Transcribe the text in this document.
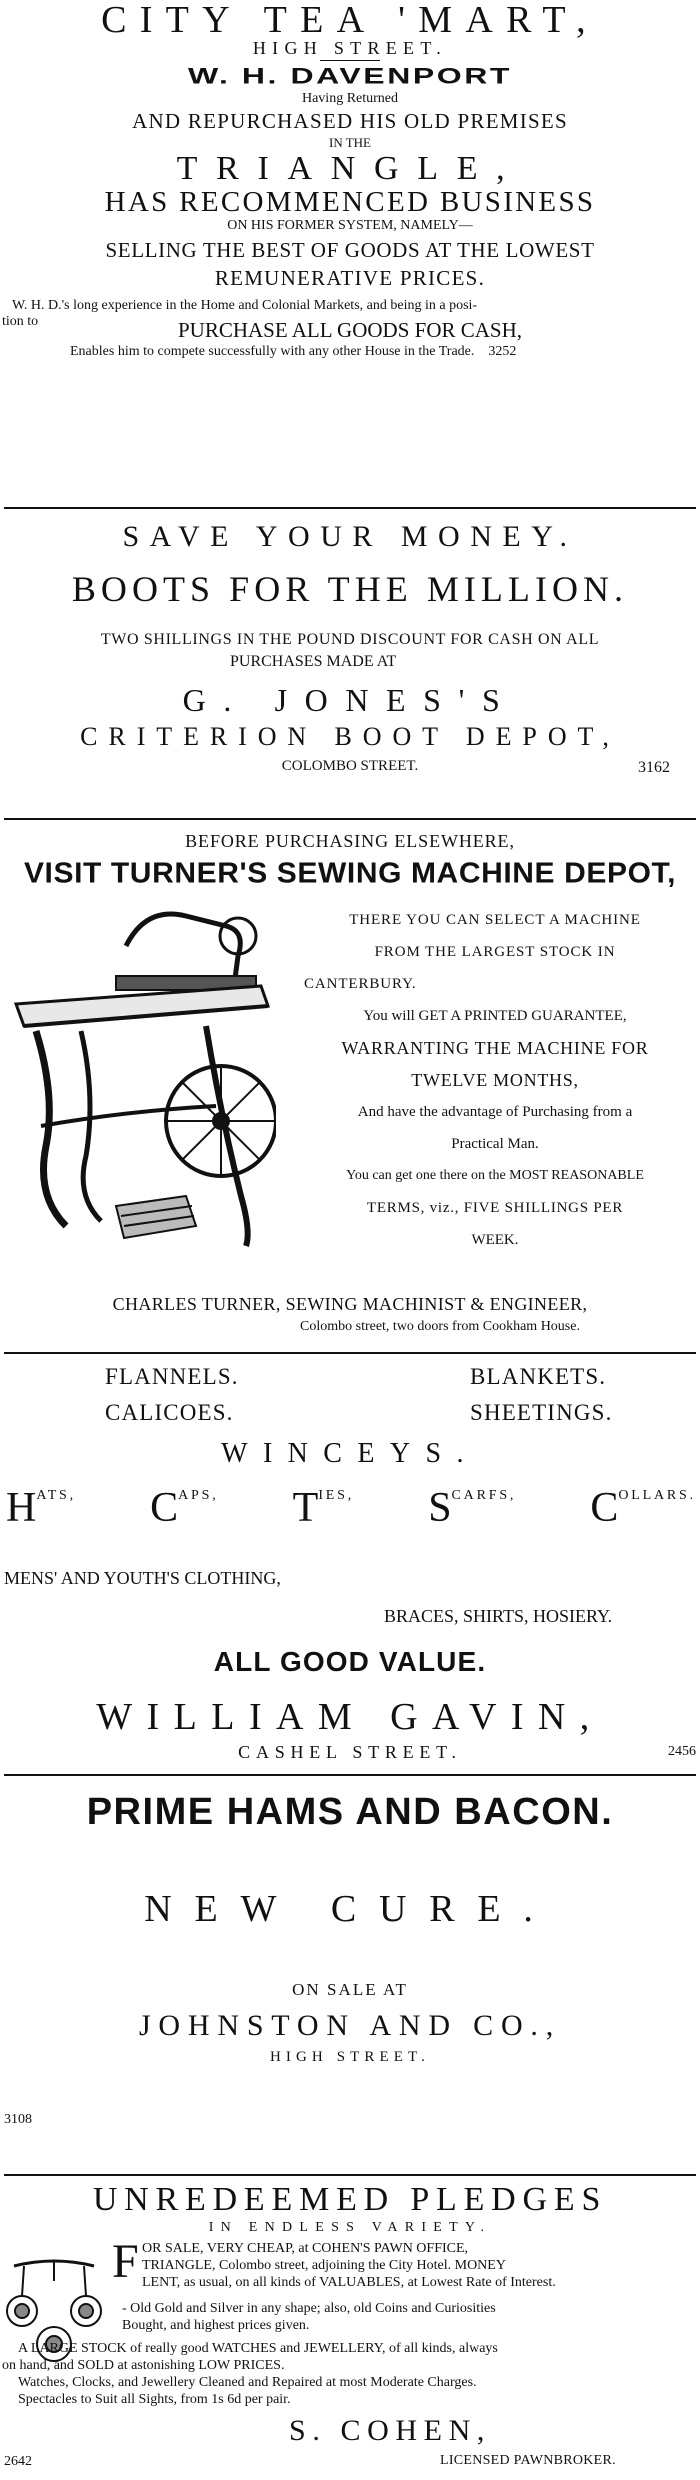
CITY TEA 'MART,
HIGH STREET.
W. H. DAVENPORT
Having Returned
AND REPURCHASED HIS OLD PREMISES
IN THE
TRIANGLE,
HAS RECOMMENCED BUSINESS
ON HIS FORMER SYSTEM, NAMELY—
SELLING THE BEST OF GOODS AT THE LOWEST
REMUNERATIVE PRICES.
W. H. D.'s long experience in the Home and Colonial Markets, and being in a posi-
tion to	PURCHASE ALL GOODS FOR CASH,
Enables him to compete successfully with any other House in the Trade. 3252
SAVE YOUR MONEY.
BOOTS FOR THE MILLION.
TWO SHILLINGS IN THE POUND DISCOUNT FOR CASH ON ALL
PURCHASES MADE AT
G. JONES'S
CRITERION BOOT DEPOT,
COLOMBO STREET.	3162
BEFORE PURCHASING ELSEWHERE,
VISIT TURNER'S SEWING MACHINE DEPOT,
THERE YOU CAN SELECT A MACHINE
FROM THE LARGEST STOCK IN
CANTERBURY.
You will GET A PRINTED GUARANTEE,
WARRANTING THE MACHINE FOR
TWELVE MONTHS,
And have the advantage of Purchasing from a
Practical Man.
You can get one there on the MOST REASONABLE
TERMS, viz., FIVE SHILLINGS PER
WEEK.
CHARLES TURNER, SEWING MACHINIST & ENGINEER,
Colombo street, two doors from Cookham House.
FLANNELS.	BLANKETS.
CALICOES.	SHEETINGS.
WINCEYS.
HATS, CAPS, TIES, SCARFS, COLLARS.
MENS' AND YOUTH'S CLOTHING,
BRACES, SHIRTS, HOSIERY.
ALL GOOD VALUE.
WILLIAM GAVIN,
CASHEL STREET.	2456
PRIME HAMS AND BACON.
NEW CURE.
ON SALE AT
JOHNSTON AND CO.,
HIGH STREET.
3108
UNREDEEMED PLEDGES
IN ENDLESS VARIETY.
F OR SALE, VERY CHEAP, at COHEN'S PAWN OFFICE,
TRIANGLE, Colombo street, adjoining the City Hotel. MONEY
LENT, as usual, on all kinds of VALUABLES, at Lowest Rate of Interest.
- Old Gold and Silver in any shape; also, old Coins and Curiosities
Bought, and highest prices given.
A LARGE STOCK of really good WATCHES and JEWELLERY, of all kinds, always
on hand, and SOLD at astonishing LOW PRICES.
Watches, Clocks, and Jewellery Cleaned and Repaired at most Moderate Charges.
Spectacles to Suit all Sights, from 1s 6d per pair.
S. COHEN,
LICENSED PAWNBROKER.
2642
